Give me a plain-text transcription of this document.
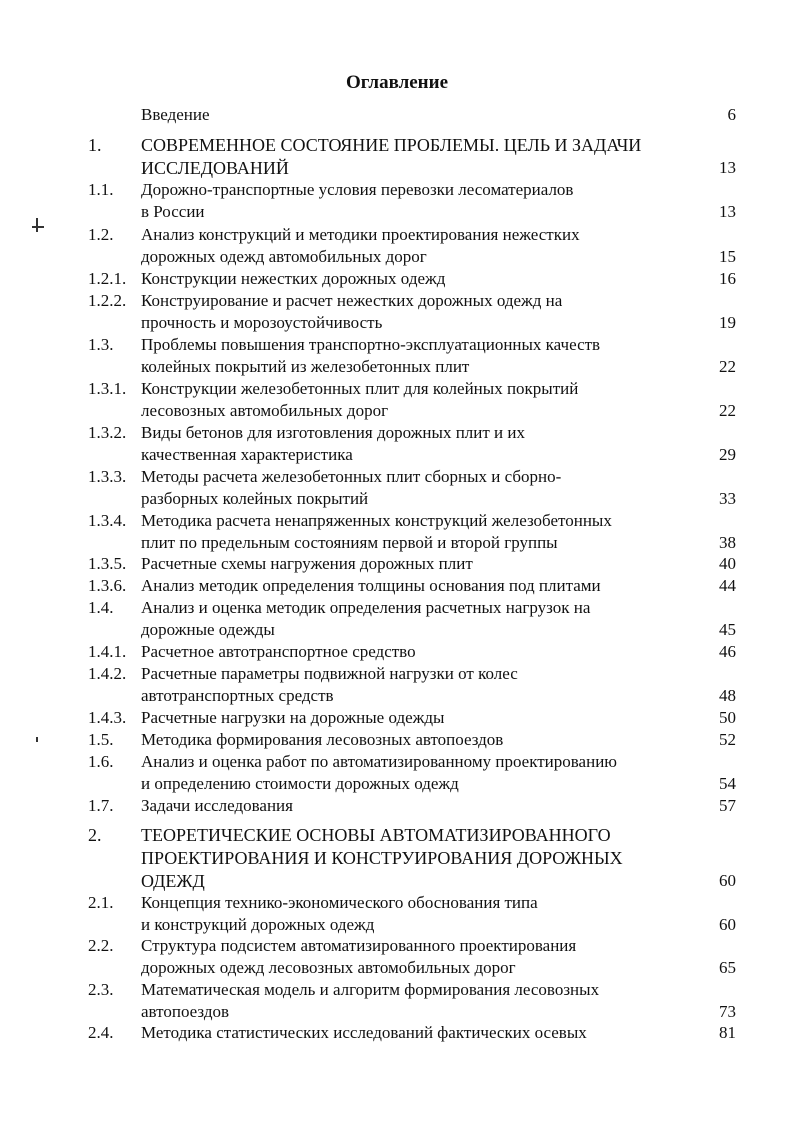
Оглавление
Введение	6
1. СОВРЕМЕННОЕ СОСТОЯНИЕ ПРОБЛЕМЫ. ЦЕЛЬ И ЗАДАЧИ
ИССЛЕДОВАНИЙ	13
1.1. Дорожно-транспортные условия перевозки лесоматериалов
в России	13
1.2. Анализ конструкций и методики проектирования нежестких
дорожных одежд автомобильных дорог	15
1.2.1. Конструкции нежестких дорожных одежд	16
1.2.2. Конструирование и расчет нежестких дорожных одежд на
прочность и морозоустойчивость	19
1.3. Проблемы повышения транспортно-эксплуатационных качеств
колейных покрытий из железобетонных плит	22
1.3.1. Конструкции железобетонных плит для колейных покрытий
лесовозных автомобильных дорог	22
1.3.2. Виды бетонов для изготовления дорожных плит и их
качественная характеристика	29
1.3.3. Методы расчета железобетонных плит сборных и сборно-
разборных колейных покрытий	33
1.3.4. Методика расчета ненапряженных конструкций железобетонных
плит по предельным состояниям первой и второй группы	38
1.3.5. Расчетные схемы нагружения дорожных плит	40
1.3.6. Анализ методик определения толщины основания под плитами	44
1.4. Анализ и оценка методик определения расчетных нагрузок на
дорожные одежды	45
1.4.1. Расчетное автотранспортное средство	46
1.4.2. Расчетные параметры подвижной нагрузки от колес
автотранспортных средств	48
1.4.3. Расчетные нагрузки на дорожные одежды	50
1.5. Методика формирования лесовозных автопоездов	52
1.6. Анализ и оценка работ по автоматизированному проектированию
и определению стоимости дорожных одежд	54
1.7. Задачи исследования	57
2. ТЕОРЕТИЧЕСКИЕ ОСНОВЫ АВТОМАТИЗИРОВАННОГО
ПРОЕКТИРОВАНИЯ И КОНСТРУИРОВАНИЯ ДОРОЖНЫХ
ОДЕЖД	60
2.1. Концепция технико-экономического обоснования типа
и конструкций дорожных одежд	60
2.2. Структура подсистем автоматизированного проектирования
дорожных одежд лесовозных автомобильных дорог	65
2.3. Математическая модель и алгоритм формирования лесовозных
автопоездов	73
2.4. Методика статистических исследований фактических осевых	81
